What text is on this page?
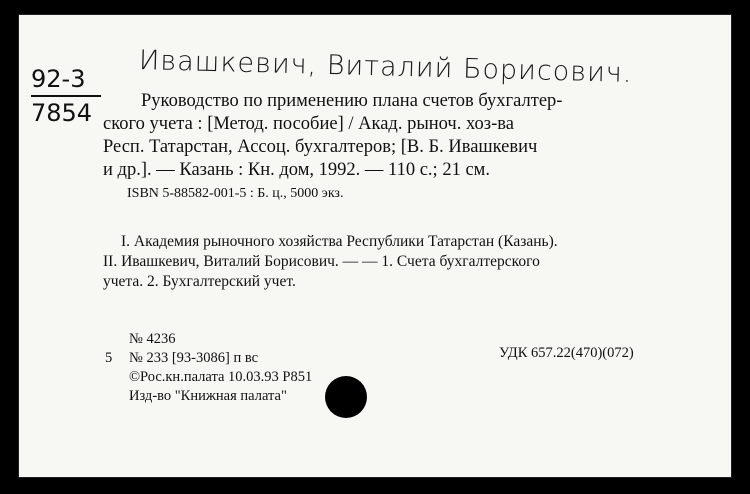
92-3
7854
Ивашкевич, Виталий Борисович.
Руководство по применению плана счетов бухгалтер-
ского учета : [Метод. пособие] / Акад. рыноч. хоз-ва
Респ. Татарстан, Ассоц. бухгалтеров; [В. Б. Ивашкевич
и др.]. — Казань : Кн. дом, 1992. — 110 с.; 21 см.
ISBN 5-88582-001-5 : Б. ц., 5000 экз.
I. Академия рыночного хозяйства Республики Татарстан (Казань).
II. Ивашкевич, Виталий Борисович. — — 1. Счета бухгалтерского
учета. 2. Бухгалтерский учет.
№ 4236
5 № 233 [93-3086] п вс
©Рос.кн.палата 10.03.93 Р851
Изд-во "Книжная палата"
УДК 657.22(470)(072)
